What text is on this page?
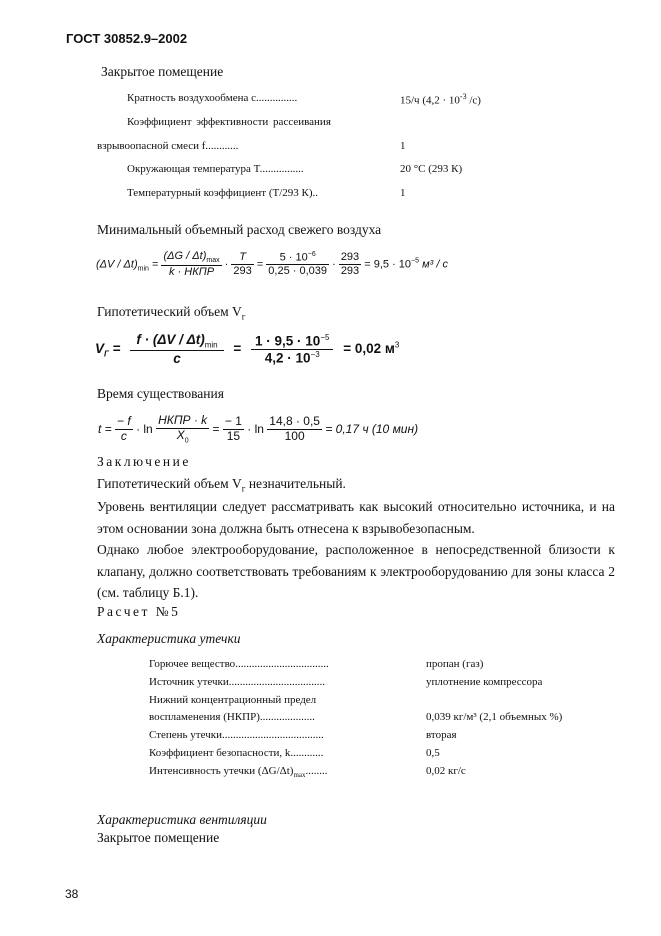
ГОСТ 30852.9–2002
Закрытое помещение
Кратность воздухообмена c...............	15/ч ($4,2 \cdot 10^{-3}$ /с)
Коэффициент эффективности рассеивания
взрывоопасной смеси f............	1
Окружающая температура T................	20 °С (293 К)
Температурный коэффициент (T/293 К)..	1
Минимальный объемный расход свежего воздуха
$(\Delta V / \Delta t)_{min} = \frac{(\Delta G / \Delta t)_{max}}{\text{k · НКПР}} \cdot \frac{T}{293} = \frac{5 \cdot 10^{-6}}{0,25 \cdot 0,039} \cdot \frac{293}{293} = 9,5 \cdot 10^{-5}$ м³ / с
Гипотетический объем $V_г$
$V_Г = \frac{f \cdot (\Delta V / \Delta t)_{min}}{c} = \frac{1 \cdot 9,5 \cdot 10^{-5}}{4,2 \cdot 10^{-3}} = 0,02$ $м^3$
Время существования
$t = \frac{- f}{c} \cdot \ln \frac{\text{НКПР · k}}{X_0} = \frac{- 1}{15} \cdot \ln \frac{14,8 \cdot 0,5}{100} = 0,17$ ч (10 мин)
Заключение
Гипотетический объем $V_г$ незначительный.
Уровень вентиляции следует рассматривать как высокий относительно источника, и на этом основании зона должна быть отнесена к взрывобезопасным.
Однако любое электрооборудование, расположенное в непосредственной близости к клапану, должно соответствовать требованиям к электрооборудованию для зоны класса 2 (см. таблицу Б.1).
Расчет №5
Характеристика утечки
Горючее вещество..................................	пропан (газ)
Источник утечки...................................	уплотнение компрессора
Нижний концентрационный предел
воспламенения (НКПР)....................	0,039 кг/м³ (2,1 объемных %)
Степень утечки.....................................	вторая
Коэффициент безопасности, k............	0,5
Интенсивность утечки $(\Delta G/\Delta t)_{max}$........	0,02 кг/с
Характеристика вентиляции
Закрытое помещение
38
